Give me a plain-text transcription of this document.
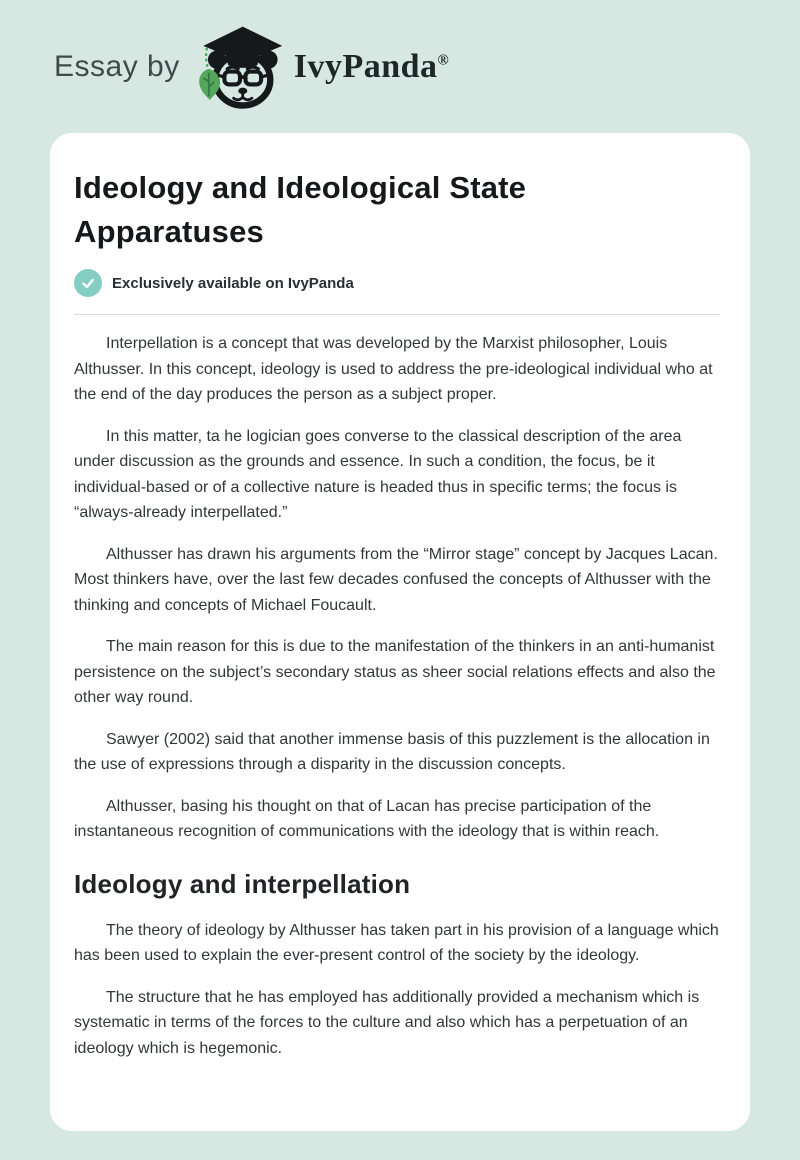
Essay by	IvyPanda®
Ideology and Ideological State Apparatuses
Exclusively available on IvyPanda

Interpellation is a concept that was developed by the Marxist philosopher, Louis Althusser. In this concept, ideology is used to address the pre-ideological individual who at the end of the day produces the person as a subject proper.

In this matter, ta he logician goes converse to the classical description of the area under discussion as the grounds and essence. In such a condition, the focus, be it individual-based or of a collective nature is headed thus in specific terms; the focus is “always-already interpellated.”

Althusser has drawn his arguments from the “Mirror stage” concept by Jacques Lacan. Most thinkers have, over the last few decades confused the concepts of Althusser with the thinking and concepts of Michael Foucault.

The main reason for this is due to the manifestation of the thinkers in an anti-humanist persistence on the subject’s secondary status as sheer social relations effects and also the other way round.

Sawyer (2002) said that another immense basis of this puzzlement is the allocation in the use of expressions through a disparity in the discussion concepts.

Althusser, basing his thought on that of Lacan has precise participation of the instantaneous recognition of communications with the ideology that is within reach.

Ideology and interpellation

The theory of ideology by Althusser has taken part in his provision of a language which has been used to explain the ever-present control of the society by the ideology.

The structure that he has employed has additionally provided a mechanism which is systematic in terms of the forces to the culture and also which has a perpetuation of an ideology which is hegemonic.
